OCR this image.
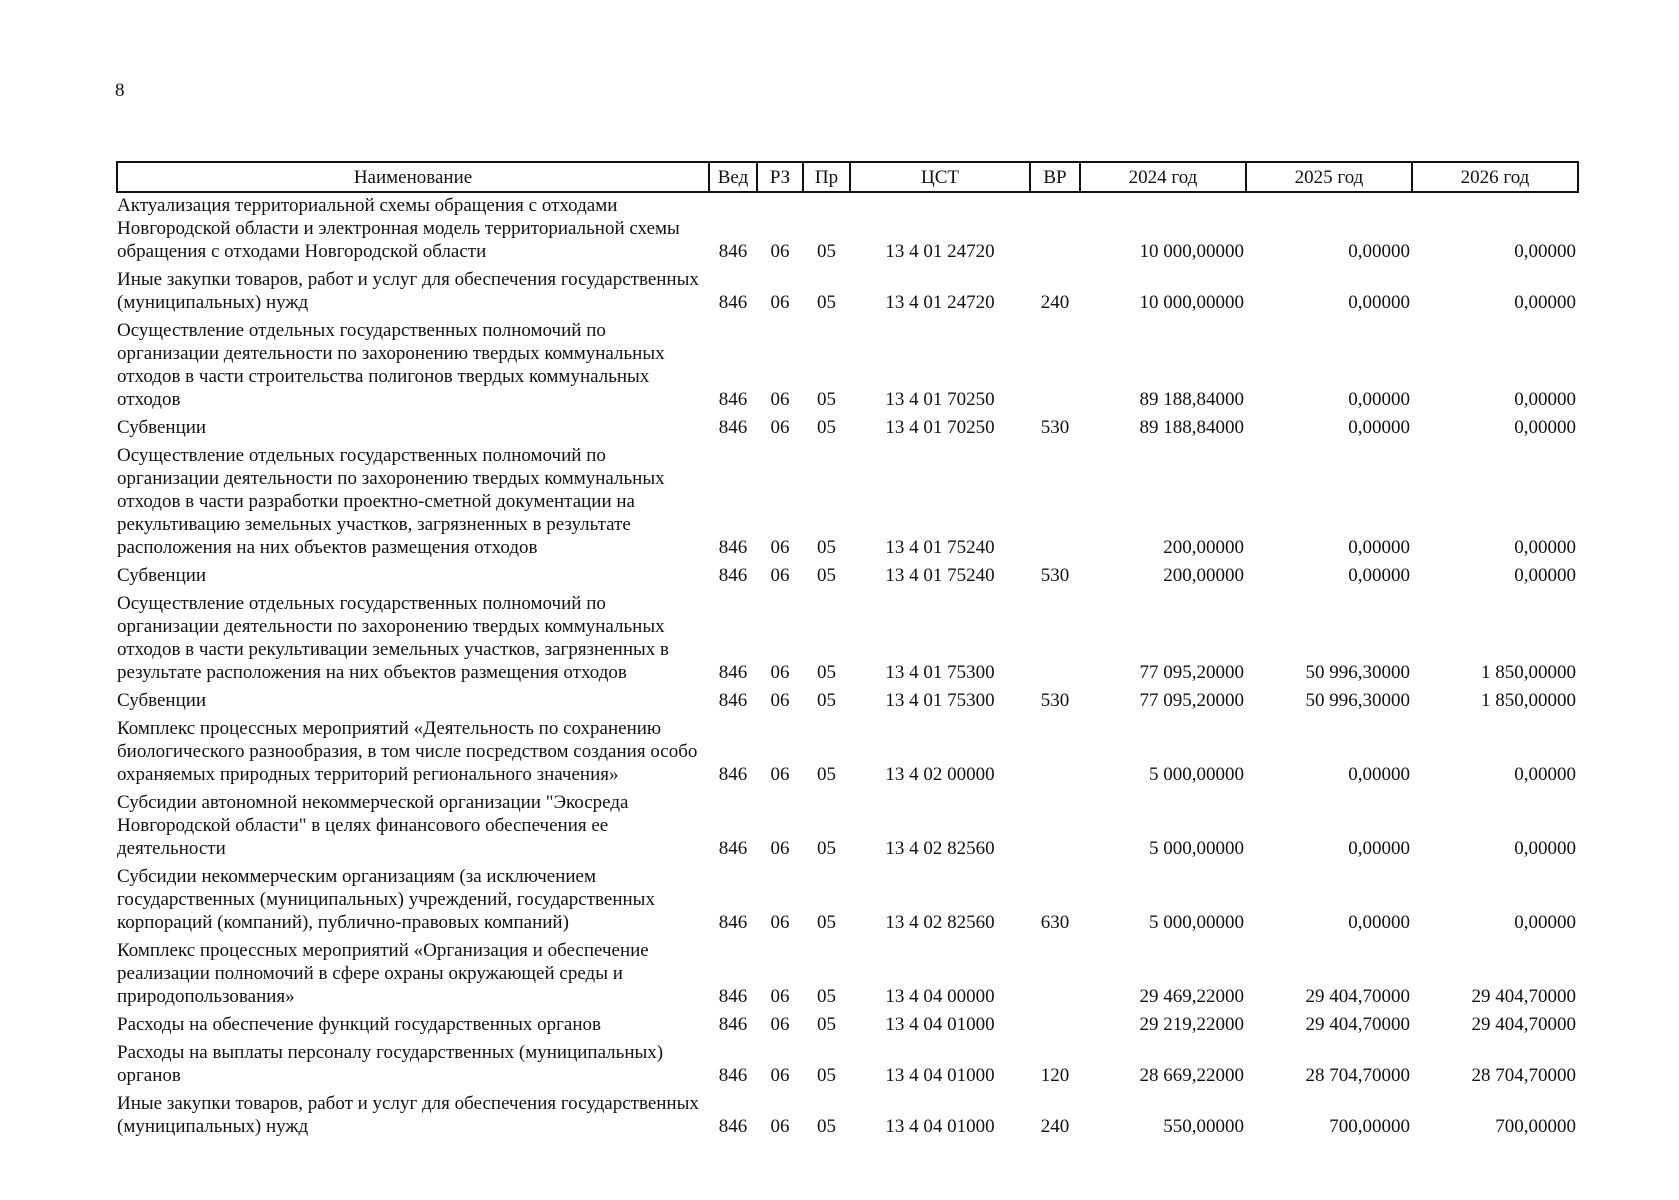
8
Наименование	Вед	РЗ	Пр	ЦСТ	ВР	2024 год	2025 год	2026 год
Актуализация территориальной схемы обращения с отходами Новгородской области и электронная модель территориальной схемы обращения с отходами Новгородской области	846	06	05	13 4 01 24720		10 000,00000	0,00000	0,00000
Иные закупки товаров, работ и услуг для обеспечения государственных (муниципальных) нужд	846	06	05	13 4 01 24720	240	10 000,00000	0,00000	0,00000
Осуществление отдельных государственных полномочий по организации деятельности по захоронению твердых коммунальных отходов в части строительства полигонов твердых коммунальных отходов	846	06	05	13 4 01 70250		89 188,84000	0,00000	0,00000
Субвенции	846	06	05	13 4 01 70250	530	89 188,84000	0,00000	0,00000
Осуществление отдельных государственных полномочий по организации деятельности по захоронению твердых коммунальных отходов в части разработки проектно-сметной документации на рекультивацию земельных участков, загрязненных в результате расположения на них объектов размещения отходов	846	06	05	13 4 01 75240		200,00000	0,00000	0,00000
Субвенции	846	06	05	13 4 01 75240	530	200,00000	0,00000	0,00000
Осуществление отдельных государственных полномочий по организации деятельности по захоронению твердых коммунальных отходов в части рекультивации земельных участков, загрязненных в результате расположения на них объектов размещения отходов	846	06	05	13 4 01 75300		77 095,20000	50 996,30000	1 850,00000
Субвенции	846	06	05	13 4 01 75300	530	77 095,20000	50 996,30000	1 850,00000
Комплекс процессных мероприятий «Деятельность по сохранению биологического разнообразия, в том числе посредством создания особо охраняемых природных территорий регионального значения»	846	06	05	13 4 02 00000		5 000,00000	0,00000	0,00000
Субсидии автономной некоммерческой организации "Экосреда Новгородской области" в целях финансового обеспечения ее деятельности	846	06	05	13 4 02 82560		5 000,00000	0,00000	0,00000
Субсидии некоммерческим организациям (за исключением государственных (муниципальных) учреждений, государственных корпораций (компаний), публично-правовых компаний)	846	06	05	13 4 02 82560	630	5 000,00000	0,00000	0,00000
Комплекс процессных мероприятий «Организация и обеспечение реализации полномочий в сфере охраны окружающей среды и природопользования»	846	06	05	13 4 04 00000		29 469,22000	29 404,70000	29 404,70000
Расходы на обеспечение функций государственных органов	846	06	05	13 4 04 01000		29 219,22000	29 404,70000	29 404,70000
Расходы на выплаты персоналу государственных (муниципальных) органов	846	06	05	13 4 04 01000	120	28 669,22000	28 704,70000	28 704,70000
Иные закупки товаров, работ и услуг для обеспечения государственных (муниципальных) нужд	846	06	05	13 4 04 01000	240	550,00000	700,00000	700,00000
